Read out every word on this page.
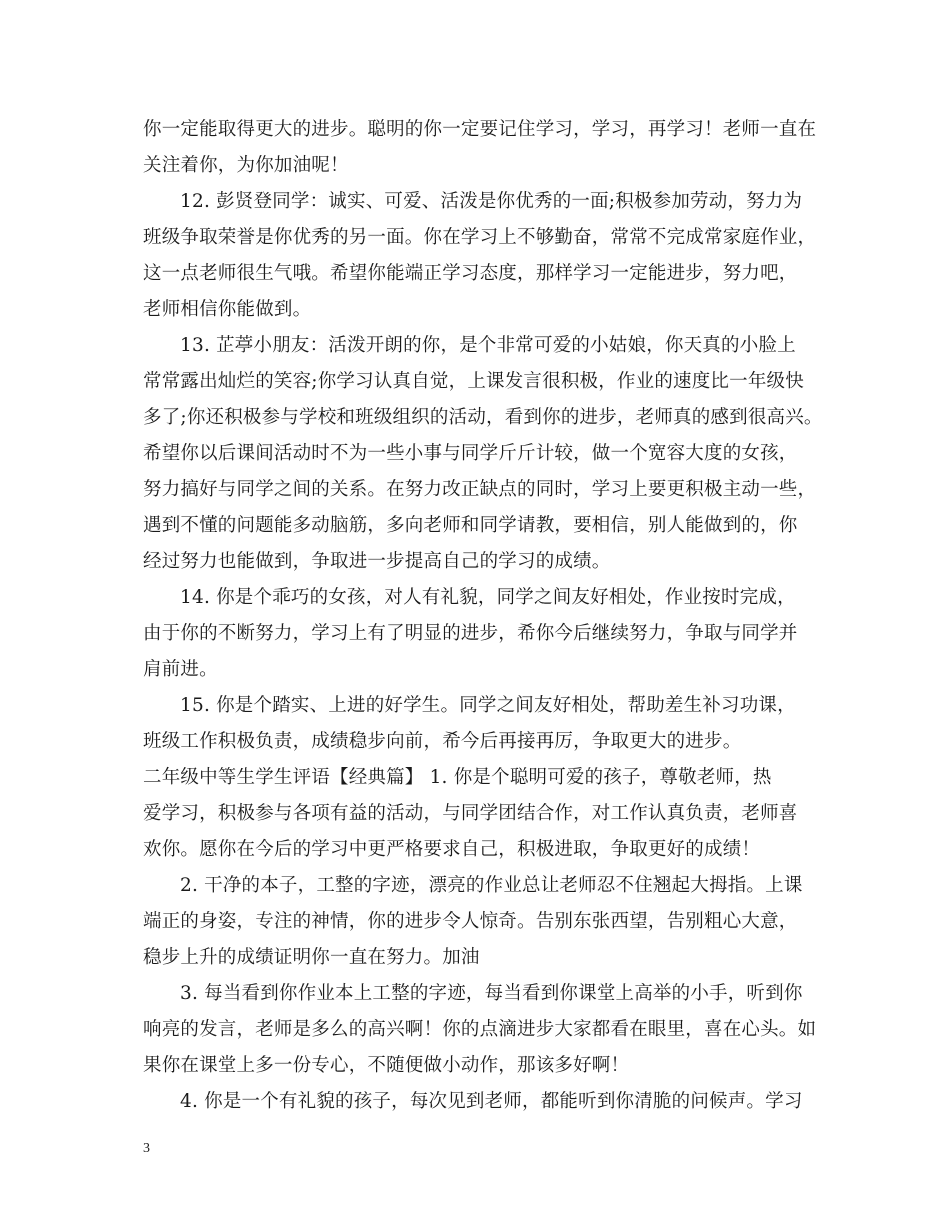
你一定能取得更大的进步。聪明的你一定要记住学习，学习，再学习！老师一直在
关注着你，为你加油呢！
12. 彭贤登同学：诚实、可爱、活泼是你优秀的一面;积极参加劳动，努力为
班级争取荣誉是你优秀的另一面。你在学习上不够勤奋，常常不完成常家庭作业，
这一点老师很生气哦。希望你能端正学习态度，那样学习一定能进步，努力吧，
老师相信你能做到。
13. 芷葶小朋友：活泼开朗的你，是个非常可爱的小姑娘，你天真的小脸上
常常露出灿烂的笑容;你学习认真自觉，上课发言很积极，作业的速度比一年级快
多了;你还积极参与学校和班级组织的活动，看到你的进步，老师真的感到很高兴。
希望你以后课间活动时不为一些小事与同学斤斤计较，做一个宽容大度的女孩，
努力搞好与同学之间的关系。在努力改正缺点的同时，学习上要更积极主动一些，
遇到不懂的问题能多动脑筋，多向老师和同学请教，要相信，别人能做到的，你
经过努力也能做到，争取进一步提高自己的学习的成绩。
14. 你是个乖巧的女孩，对人有礼貌，同学之间友好相处，作业按时完成，
由于你的不断努力，学习上有了明显的进步，希你今后继续努力，争取与同学并
肩前进。
15. 你是个踏实、上进的好学生。同学之间友好相处，帮助差生补习功课，
班级工作积极负责，成绩稳步向前，希今后再接再厉，争取更大的进步。
二年级中等生学生评语【经典篇】 1. 你是个聪明可爱的孩子，尊敬老师，热
爱学习，积极参与各项有益的活动，与同学团结合作，对工作认真负责，老师喜
欢你。愿你在今后的学习中更严格要求自己，积极进取，争取更好的成绩！
2. 干净的本子，工整的字迹，漂亮的作业总让老师忍不住翘起大拇指。上课
端正的身姿，专注的神情，你的进步令人惊奇。告别东张西望，告别粗心大意，
稳步上升的成绩证明你一直在努力。加油
3. 每当看到你作业本上工整的字迹，每当看到你课堂上高举的小手，听到你
响亮的发言，老师是多么的高兴啊！你的点滴进步大家都看在眼里，喜在心头。如
果你在课堂上多一份专心，不随便做小动作，那该多好啊！
4. 你是一个有礼貌的孩子，每次见到老师，都能听到你清脆的问候声。学习
3
